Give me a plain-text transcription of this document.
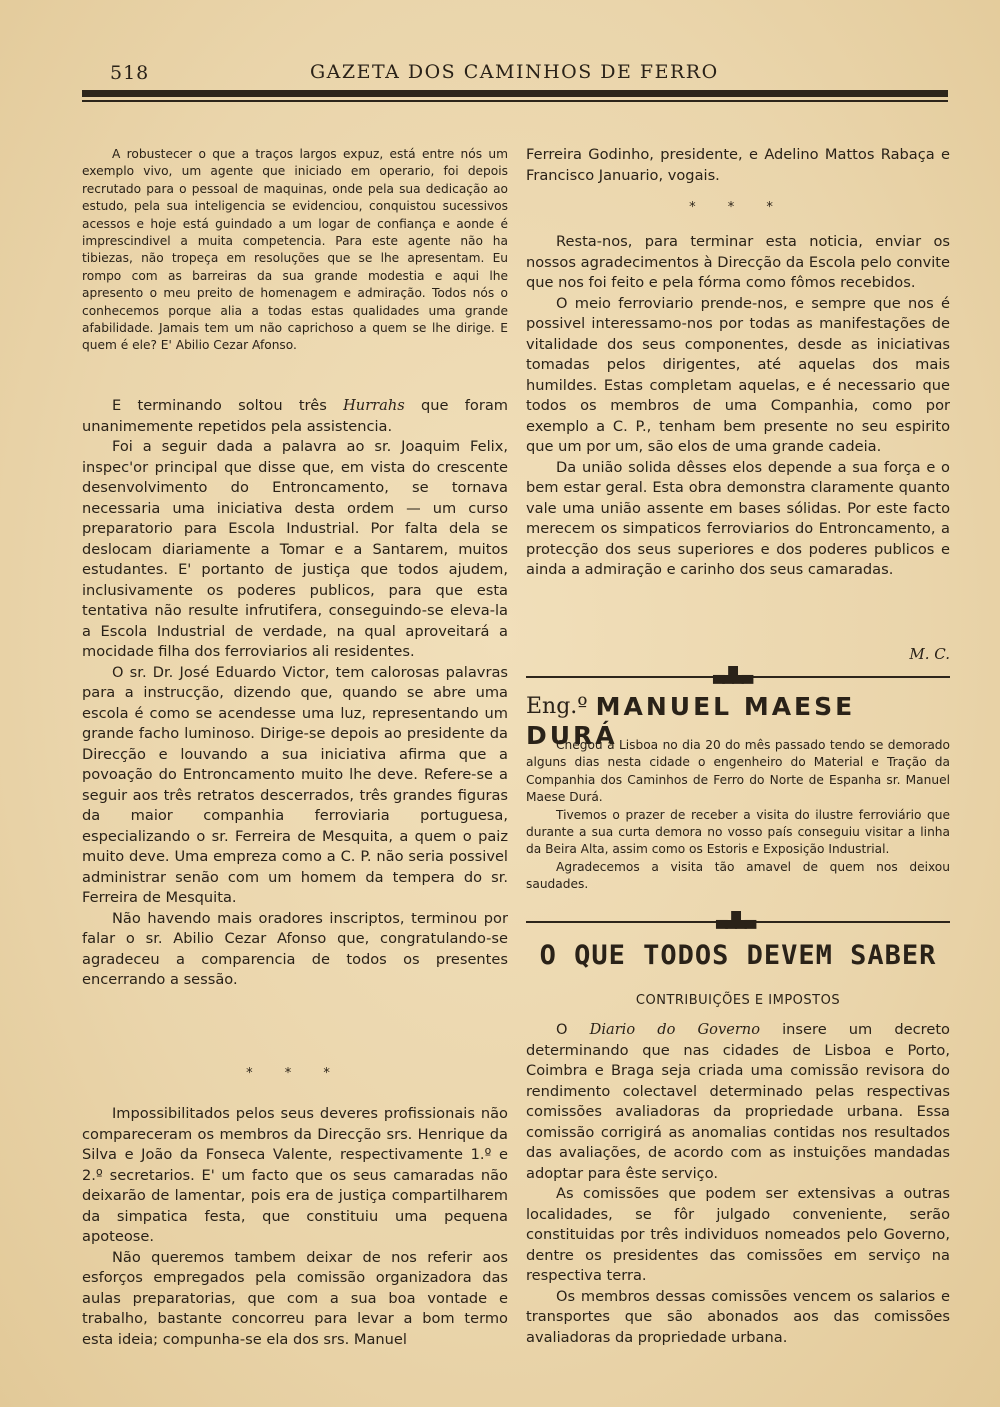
518	GAZETA DOS CAMINHOS DE FERRO

A robustecer o que a traços largos expuz, está entre nós um exemplo vivo, um agente que iniciado em operario, foi depois recrutado para o pessoal de maquinas, onde pela sua dedicação ao estudo, pela sua inteligencia se evidenciou, conquistou sucessivos acessos e hoje está guindado a um logar de confiança e aonde é imprescindivel a muita competencia. Para este agente não ha tibiezas, não tropeça em resoluções que se lhe apresentam. Eu rompo com as barreiras da sua grande modestia e aqui lhe apresento o meu preito de homenagem e admiração. Todos nós o conhecemos porque alia a todas estas qualidades uma grande afabilidade. Jamais tem um não caprichoso a quem se lhe dirige. E quem é ele? E' Abilio Cezar Afonso.

E terminando soltou três Hurrahs que foram unanimemente repetidos pela assistencia.

Foi a seguir dada a palavra ao sr. Joaquim Felix, inspec'or principal que disse que, em vista do crescente desenvolvimento do Entroncamento, se tornava necessaria uma iniciativa desta ordem — um curso preparatorio para Escola Industrial. Por falta dela se deslocam diariamente a Tomar e a Santarem, muitos estudantes. E' portanto de justiça que todos ajudem, inclusivamente os poderes publicos, para que esta tentativa não resulte infrutifera, conseguindo-se eleva-la a Escola Industrial de verdade, na qual aproveitará a mocidade filha dos ferroviarios ali residentes.

O sr. Dr. José Eduardo Victor, tem calorosas palavras para a instrucção, dizendo que, quando se abre uma escola é como se acendesse uma luz, representando um grande facho luminoso. Dirige-se depois ao presidente da Direcção e louvando a sua iniciativa afirma que a povoação do Entroncamento muito lhe deve. Refere-se a seguir aos três retratos descerrados, três grandes figuras da maior companhia ferroviaria portuguesa, especializando o sr. Ferreira de Mesquita, a quem o paiz muito deve. Uma empreza como a C. P. não seria possivel administrar senão com um homem da tempera do sr. Ferreira de Mesquita.

Não havendo mais oradores inscriptos, terminou por falar o sr. Abilio Cezar Afonso que, congratulando-se agradeceu a comparencia de todos os presentes encerrando a sessão.

* * *

Impossibilitados pelos seus deveres profissionais não compareceram os membros da Direcção srs. Henrique da Silva e João da Fonseca Valente, respectivamente 1.º e 2.º secretarios. E' um facto que os seus camaradas não deixarão de lamentar, pois era de justiça compartilharem da simpatica festa, que constituiu uma pequena apoteose.

Não queremos tambem deixar de nos referir aos esforços empregados pela comissão organizadora das aulas preparatorias, que com a sua boa vontade e trabalho, bastante concorreu para levar a bom termo esta ideia; compunha-se ela dos srs. Manuel

Ferreira Godinho, presidente, e Adelino Mattos Rabaça e Francisco Januario, vogais.

* * *

Resta-nos, para terminar esta noticia, enviar os nossos agradecimentos à Direcção da Escola pelo convite que nos foi feito e pela fórma como fômos recebidos.

O meio ferroviario prende-nos, e sempre que nos é possivel interessamo-nos por todas as manifestações de vitalidade dos seus componentes, desde as iniciativas tomadas pelos dirigentes, até aquelas dos mais humildes. Estas completam aquelas, e é necessario que todos os membros de uma Companhia, como por exemplo a C. P., tenham bem presente no seu espirito que um por um, são elos de uma grande cadeia.

Da união solida dêsses elos depende a sua força e o bem estar geral. Esta obra demonstra claramente quanto vale uma união assente em bases sólidas. Por este facto merecem os simpaticos ferroviarios do Entroncamento, a protecção dos seus superiores e dos poderes publicos e ainda a admiração e carinho dos seus camaradas.

M. C.
▄▟▙▄
Eng.º MANUEL MAESE DURÁ

Chegou a Lisboa no dia 20 do mês passado tendo se demorado alguns dias nesta cidade o engenheiro do Material e Tração da Companhia dos Caminhos de Ferro do Norte de Espanha sr. Manuel Maese Durá.

Tivemos o prazer de receber a visita do ilustre ferroviário que durante a sua curta demora no vosso país conseguiu visitar a linha da Beira Alta, assim como os Estoris e Exposição Industrial.

Agradecemos a visita tão amavel de quem nos deixou saudades.

▄▟▙▄
O QUE TODOS DEVEM SABER
CONTRIBUIÇÕES E IMPOSTOS

O Diario do Governo insere um decreto determinando que nas cidades de Lisboa e Porto, Coimbra e Braga seja criada uma comissão revisora do rendimento colectavel determinado pelas respectivas comissões avaliadoras da propriedade urbana. Essa comissão corrigirá as anomalias contidas nos resultados das avaliações, de acordo com as instuições mandadas adoptar para êste serviço.

As comissões que podem ser extensivas a outras localidades, se fôr julgado conveniente, serão constituidas por três individuos nomeados pelo Governo, dentre os presidentes das comissões em serviço na respectiva terra.

Os membros dessas comissões vencem os salarios e transportes que são abonados aos das comissões avaliadoras da propriedade urbana.
